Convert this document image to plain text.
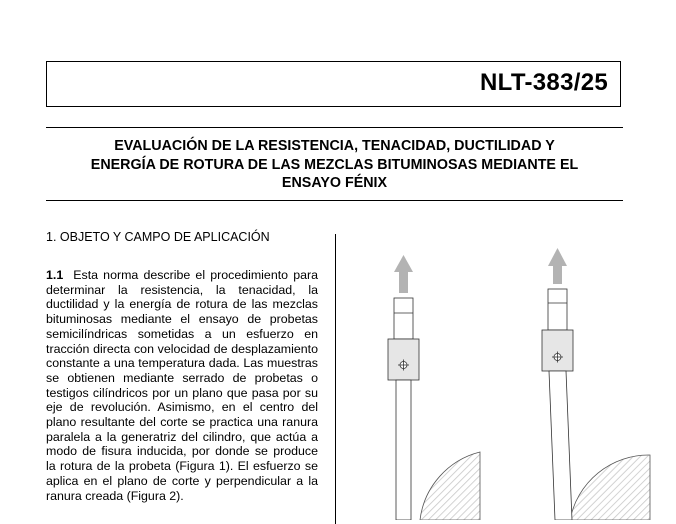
NLT-383/25
EVALUACIÓN DE LA RESISTENCIA, TENACIDAD, DUCTILIDAD Y
ENERGÍA DE ROTURA DE LAS MEZCLAS BITUMINOSAS MEDIANTE EL
ENSAYO FÉNIX
1. OBJETO Y CAMPO DE APLICACIÓN
1.1 Esta norma describe el procedimiento para determinar la resistencia, la tenacidad, la ductilidad y la energía de rotura de las mezclas bituminosas mediante el ensayo de probetas semicilíndricas sometidas a un esfuerzo en tracción directa con velocidad de desplazamiento constante a una temperatura dada. Las muestras se obtienen mediante serrado de probetas o testigos cilíndricos por un plano que pasa por su eje de revolución. Asimismo, en el centro del plano resultante del corte se practica una ranura paralela a la generatriz del cilindro, que actúa a modo de fisura inducida, por donde se produce la rotura de la probeta (Figura 1). El esfuerzo se aplica en el plano de corte y perpendicular a la ranura creada (Figura 2).
